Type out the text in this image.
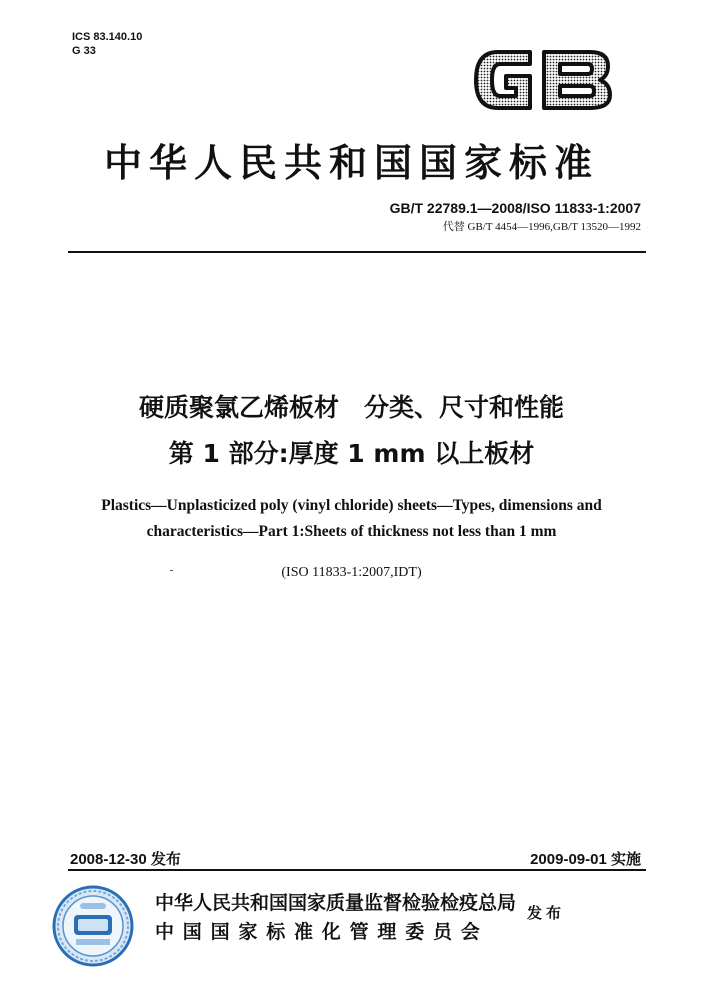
ICS 83.140.10
G 33
中华人民共和国国家标准
GB/T 22789.1—2008/ISO 11833-1:2007
代替 GB/T 4454—1996,GB/T 13520—1992
硬质聚氯乙烯板材　分类、尺寸和性能
第 1 部分:厚度 1 mm 以上板材
Plastics—Unplasticized poly (vinyl chloride) sheets—Types, dimensions and
characteristics—Part 1:Sheets of thickness not less than 1 mm
(ISO 11833-1:2007,IDT)
2008-12-30 发布	2009-09-01 实施
中华人民共和国国家质量监督检验检疫总局
中国国家标准化管理委员会
发布
